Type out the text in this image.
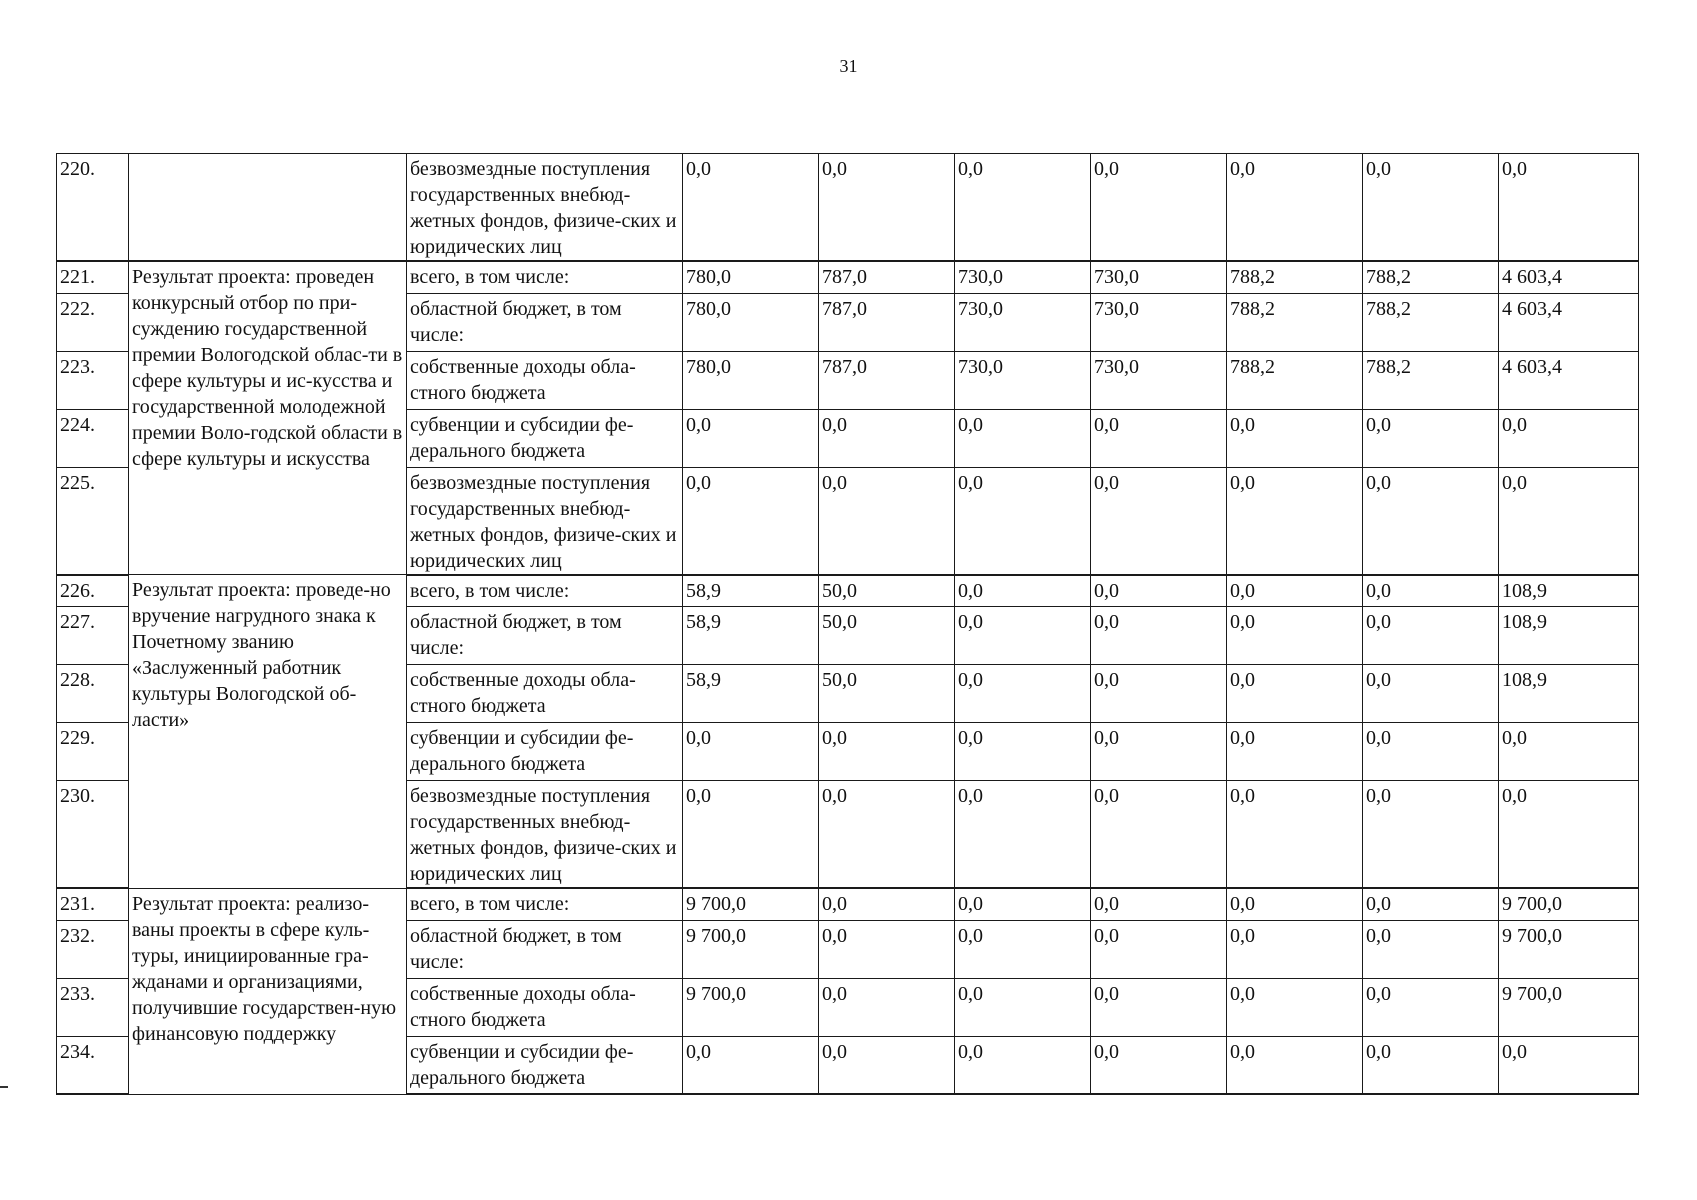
31
220.		безвозмездные поступления государственных внебюд-жетных фондов, физиче-ских и юридических лиц	0,0	0,0	0,0	0,0	0,0	0,0	0,0
221.	Результат проекта: проведен конкурсный отбор по при-суждению государственной премии Вологодской облас-ти в сфере культуры и ис-кусства и государственной молодежной премии Воло-годской области в сфере культуры и искусства	всего, в том числе:	780,0	787,0	730,0	730,0	788,2	788,2	4 603,4
222.		областной бюджет, в том числе:	780,0	787,0	730,0	730,0	788,2	788,2	4 603,4
223.		собственные доходы обла-стного бюджета	780,0	787,0	730,0	730,0	788,2	788,2	4 603,4
224.		субвенции и субсидии фе-дерального бюджета	0,0	0,0	0,0	0,0	0,0	0,0	0,0
225.		безвозмездные поступления государственных внебюд-жетных фондов, физиче-ских и юридических лиц	0,0	0,0	0,0	0,0	0,0	0,0	0,0
226.	Результат проекта: проведе-но вручение нагрудного знака к Почетному званию «Заслуженный работник культуры Вологодской об-ласти»	всего, в том числе:	58,9	50,0	0,0	0,0	0,0	0,0	108,9
227.		областной бюджет, в том числе:	58,9	50,0	0,0	0,0	0,0	0,0	108,9
228.		собственные доходы обла-стного бюджета	58,9	50,0	0,0	0,0	0,0	0,0	108,9
229.		субвенции и субсидии фе-дерального бюджета	0,0	0,0	0,0	0,0	0,0	0,0	0,0
230.		безвозмездные поступления государственных внебюд-жетных фондов, физиче-ских и юридических лиц	0,0	0,0	0,0	0,0	0,0	0,0	0,0
231.	Результат проекта: реализо-ваны проекты в сфере куль-туры, инициированные гра-жданами и организациями, получившие государствен-ную финансовую поддержку	всего, в том числе:	9 700,0	0,0	0,0	0,0	0,0	0,0	9 700,0
232.		областной бюджет, в том числе:	9 700,0	0,0	0,0	0,0	0,0	0,0	9 700,0
233.		собственные доходы обла-стного бюджета	9 700,0	0,0	0,0	0,0	0,0	0,0	9 700,0
234.		субвенции и субсидии фе-дерального бюджета	0,0	0,0	0,0	0,0	0,0	0,0	0,0
